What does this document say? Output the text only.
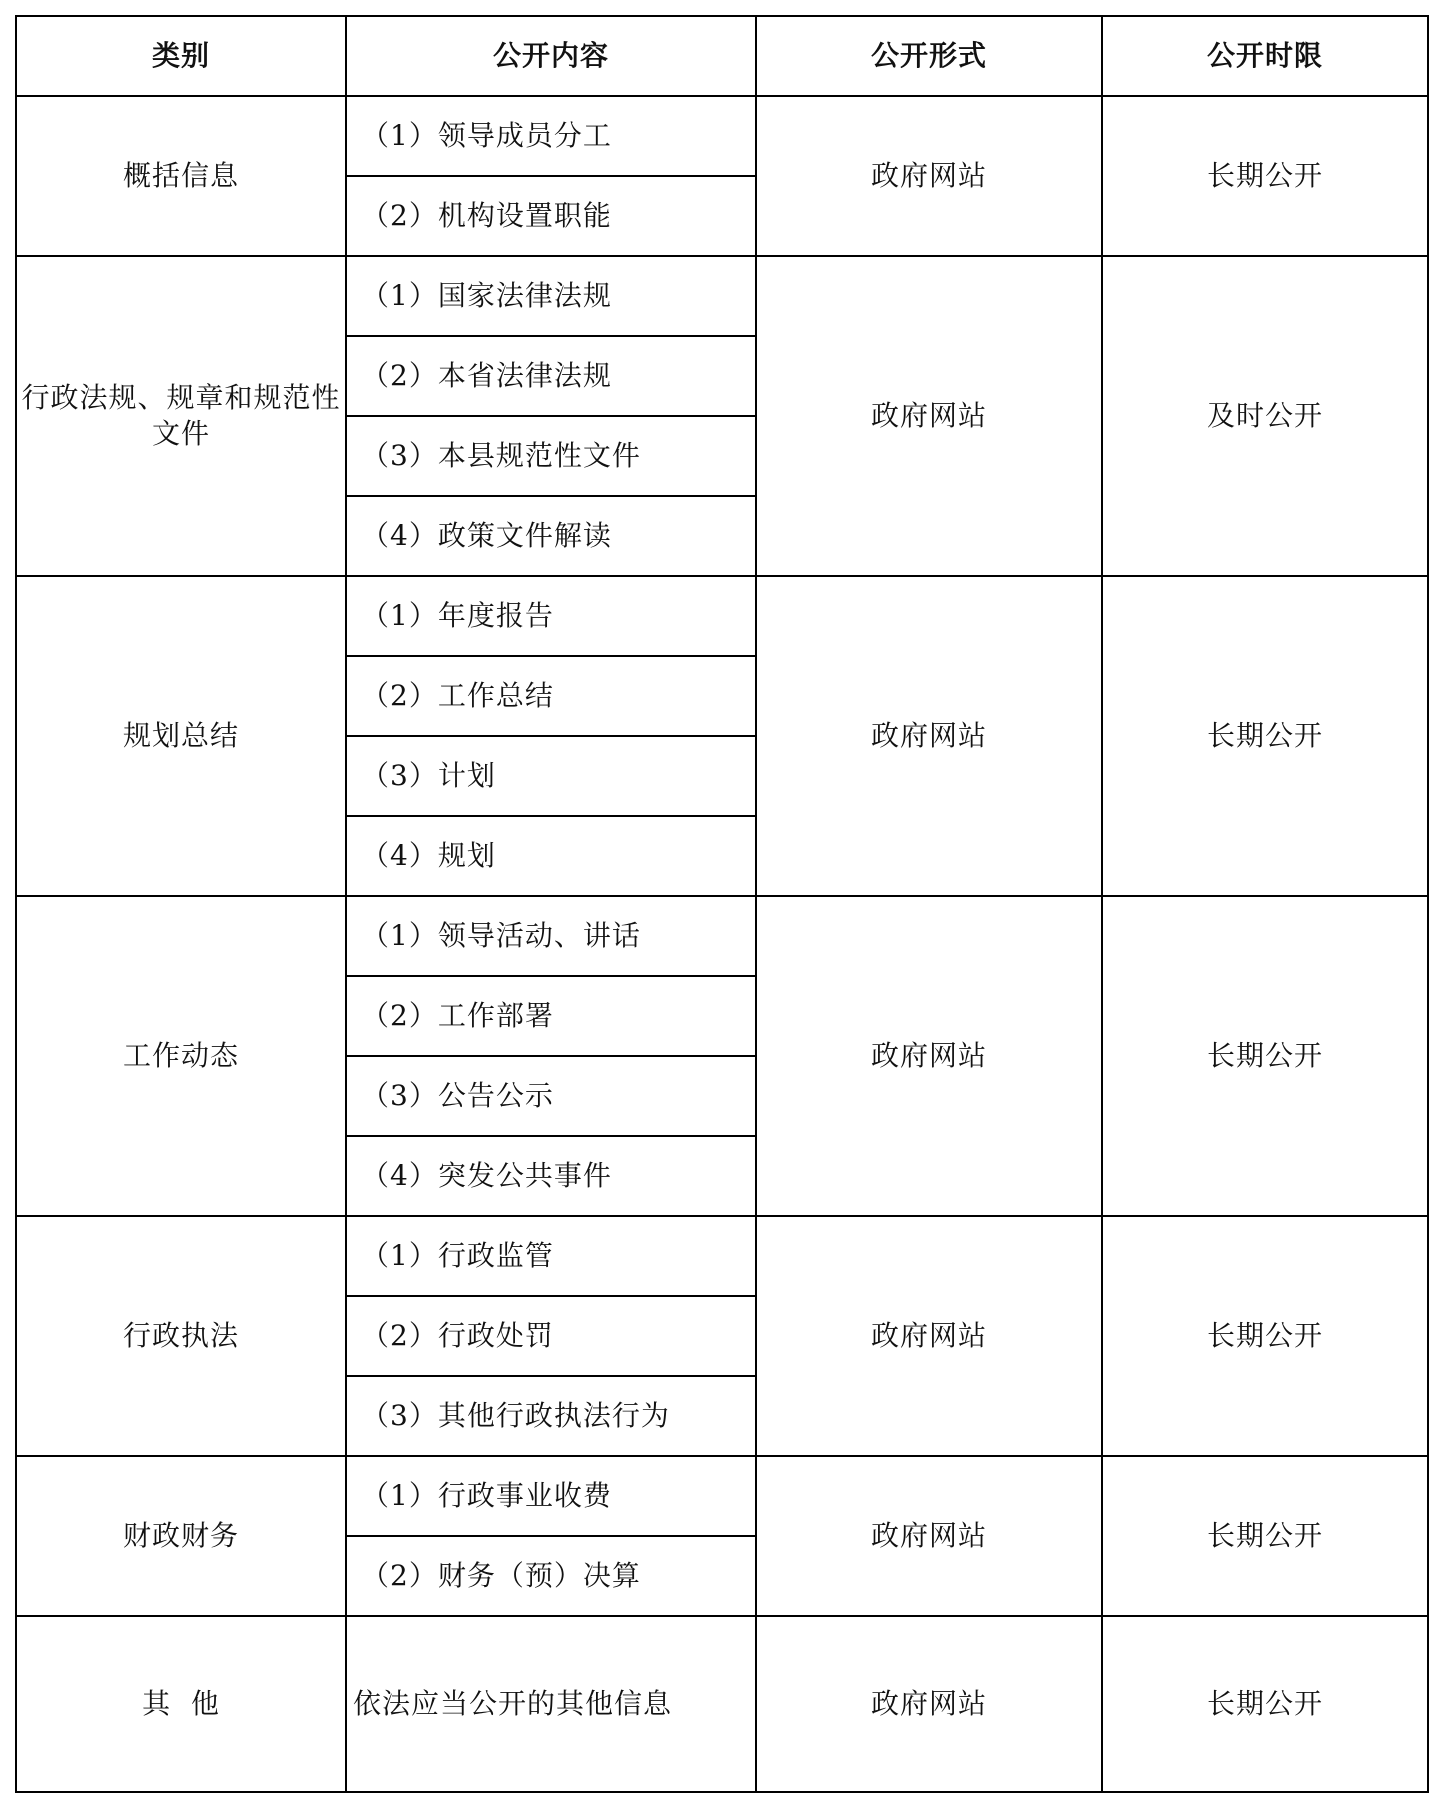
类别	公开内容	公开形式	公开时限
概括信息	（1）领导成员分工	政府网站	长期公开
	（2）机构设置职能		
行政法规、规章和规范性文件	（1）国家法律法规	政府网站	及时公开
	（2）本省法律法规		
	（3）本县规范性文件		
	（4）政策文件解读		
规划总结	（1）年度报告	政府网站	长期公开
	（2）工作总结		
	（3）计划		
	（4）规划		
工作动态	（1）领导活动、讲话	政府网站	长期公开
	（2）工作部署		
	（3）公告公示		
	（4）突发公共事件		
行政执法	（1）行政监管	政府网站	长期公开
	（2）行政处罚		
	（3）其他行政执法行为		
财政财务	（1）行政事业收费	政府网站	长期公开
	（2）财务（预）决算		
其  他	依法应当公开的其他信息	政府网站	长期公开
